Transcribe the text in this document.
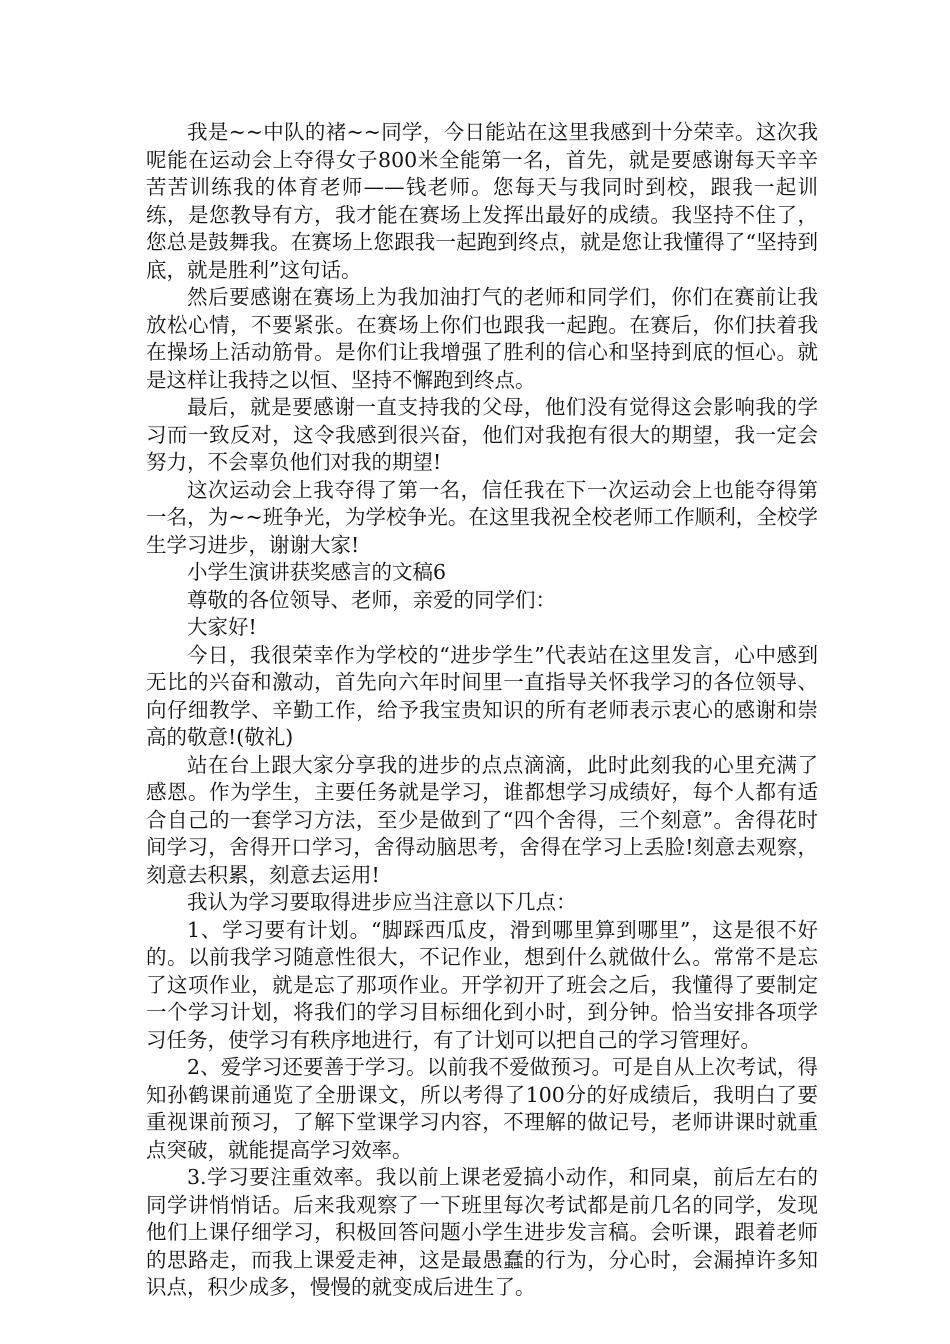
我是~~中队的褚~~同学，今日能站在这里我感到十分荣幸。这次我呢能在运动会上夺得女子800米全能第一名，首先，就是要感谢每天辛辛苦苦训练我的体育老师——钱老师。您每天与我同时到校，跟我一起训练，是您教导有方，我才能在赛场上发挥出最好的成绩。我坚持不住了，您总是鼓舞我。在赛场上您跟我一起跑到终点，就是您让我懂得了“坚持到底，就是胜利”这句话。

然后要感谢在赛场上为我加油打气的老师和同学们，你们在赛前让我放松心情，不要紧张。在赛场上你们也跟我一起跑。在赛后，你们扶着我在操场上活动筋骨。是你们让我增强了胜利的信心和坚持到底的恒心。就是这样让我持之以恒、坚持不懈跑到终点。

最后，就是要感谢一直支持我的父母，他们没有觉得这会影响我的学习而一致反对，这令我感到很兴奋，他们对我抱有很大的期望，我一定会努力，不会辜负他们对我的期望!

这次运动会上我夺得了第一名，信任我在下一次运动会上也能夺得第一名，为~~班争光，为学校争光。在这里我祝全校老师工作顺利，全校学生学习进步，谢谢大家!

小学生演讲获奖感言的文稿6

尊敬的各位领导、老师，亲爱的同学们：

大家好!

今日，我很荣幸作为学校的“进步学生”代表站在这里发言，心中感到无比的兴奋和激动，首先向六年时间里一直指导关怀我学习的各位领导、向仔细教学、辛勤工作，给予我宝贵知识的所有老师表示衷心的感谢和崇高的敬意!(敬礼)

站在台上跟大家分享我的进步的点点滴滴，此时此刻我的心里充满了感恩。作为学生，主要任务就是学习，谁都想学习成绩好，每个人都有适合自己的一套学习方法，至少是做到了“四个舍得，三个刻意”。舍得花时间学习，舍得开口学习，舍得动脑思考，舍得在学习上丢脸!刻意去观察，刻意去积累，刻意去运用!

我认为学习要取得进步应当注意以下几点：

1、学习要有计划。“脚踩西瓜皮，滑到哪里算到哪里”，这是很不好的。以前我学习随意性很大，不记作业，想到什么就做什么。常常不是忘了这项作业，就是忘了那项作业。开学初开了班会之后，我懂得了要制定一个学习计划，将我们的学习目标细化到小时，到分钟。恰当安排各项学习任务，使学习有秩序地进行，有了计划可以把自己的学习管理好。

2、爱学习还要善于学习。以前我不爱做预习。可是自从上次考试，得知孙鹤课前通览了全册课文，所以考得了100分的好成绩后，我明白了要重视课前预习，了解下堂课学习内容，不理解的做记号，老师讲课时就重点突破，就能提高学习效率。

3.学习要注重效率。我以前上课老爱搞小动作，和同桌，前后左右的同学讲悄悄话。后来我观察了一下班里每次考试都是前几名的同学，发现他们上课仔细学习，积极回答问题小学生进步发言稿。会听课，跟着老师的思路走，而我上课爱走神，这是最愚蠢的行为，分心时，会漏掉许多知识点，积少成多，慢慢的就变成后进生了。
